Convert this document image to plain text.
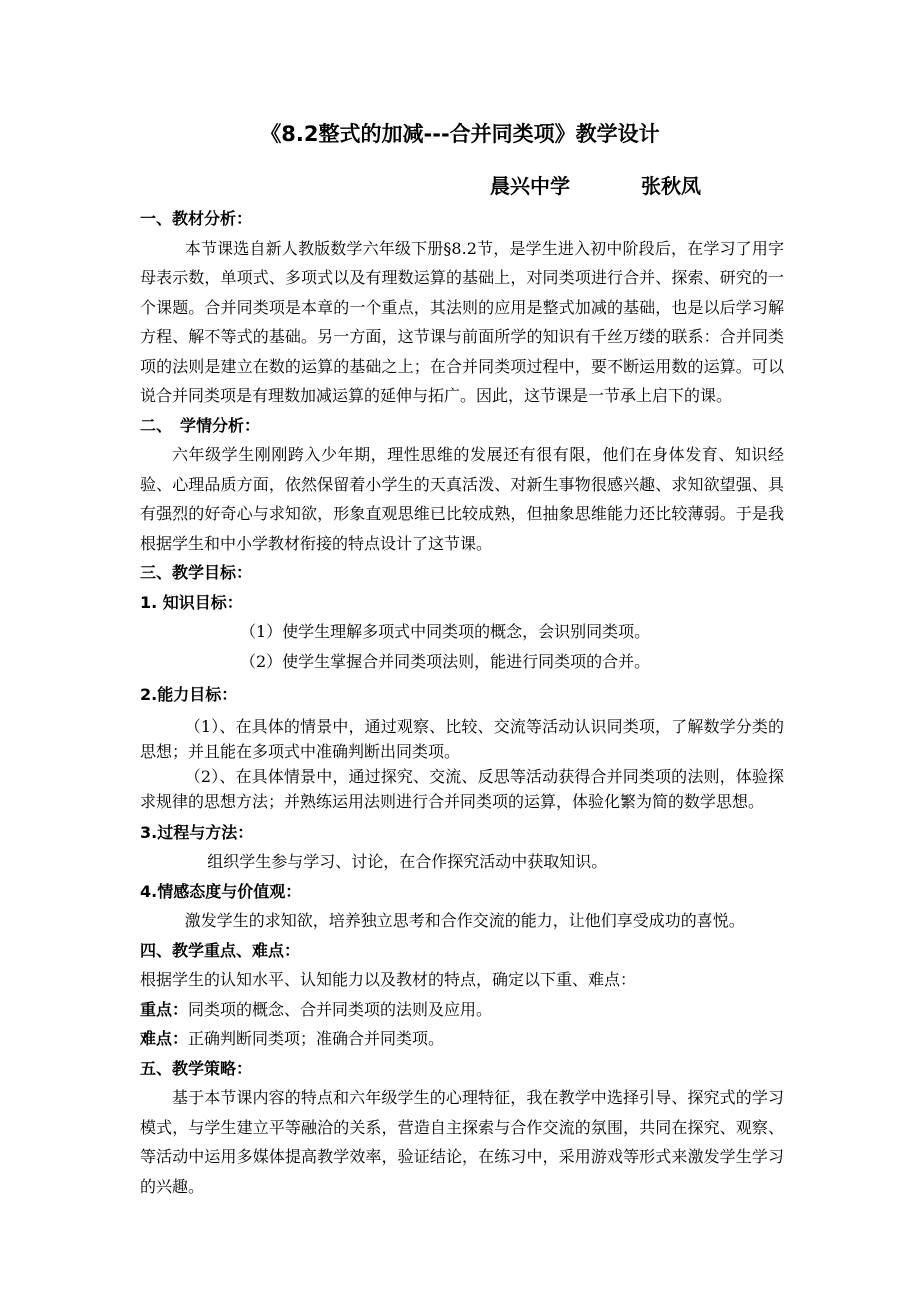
《8.2整式的加减---合并同类项》教学设计
晨兴中学	张秋凤
一、教材分析：
本节课选自新人教版数学六年级下册§8.2节，是学生进入初中阶段后，在学习了用字母表示数，单项式、多项式以及有理数运算的基础上，对同类项进行合并、探索、研究的一个课题。合并同类项是本章的一个重点，其法则的应用是整式加减的基础，也是以后学习解方程、解不等式的基础。另一方面，这节课与前面所学的知识有千丝万缕的联系：合并同类项的法则是建立在数的运算的基础之上；在合并同类项过程中，要不断运用数的运算。可以说合并同类项是有理数加减运算的延伸与拓广。因此，这节课是一节承上启下的课。
二、　学情分析：
六年级学生刚刚跨入少年期，理性思维的发展还有很有限，他们在身体发育、知识经验、心理品质方面，依然保留着小学生的天真活泼、对新生事物很感兴趣、求知欲望强、具有强烈的好奇心与求知欲，形象直观思维已比较成熟，但抽象思维能力还比较薄弱。于是我根据学生和中小学教材衔接的特点设计了这节课。
三、教学目标：
1. 知识目标：
（1）使学生理解多项式中同类项的概念，会识别同类项。
（2）使学生掌握合并同类项法则，能进行同类项的合并。
2.能力目标：
（1）、在具体的情景中，通过观察、比较、交流等活动认识同类项，了解数学分类的思想；并且能在多项式中准确判断出同类项。
（2）、在具体情景中，通过探究、交流、反思等活动获得合并同类项的法则，体验探求规律的思想方法；并熟练运用法则进行合并同类项的运算，体验化繁为简的数学思想。
3.过程与方法：
组织学生参与学习、讨论，在合作探究活动中获取知识。
4.情感态度与价值观：
激发学生的求知欲，培养独立思考和合作交流的能力，让他们享受成功的喜悦。
四、教学重点、难点：
根据学生的认知水平、认知能力以及教材的特点，确定以下重、难点：
重点：同类项的概念、合并同类项的法则及应用。
难点：正确判断同类项；准确合并同类项。
五、教学策略：
基于本节课内容的特点和六年级学生的心理特征，我在教学中选择引导、探究式的学习模式，与学生建立平等融洽的关系，营造自主探索与合作交流的氛围，共同在探究、观察、等活动中运用多媒体提高教学效率，验证结论，在练习中，采用游戏等形式来激发学生学习的兴趣。
